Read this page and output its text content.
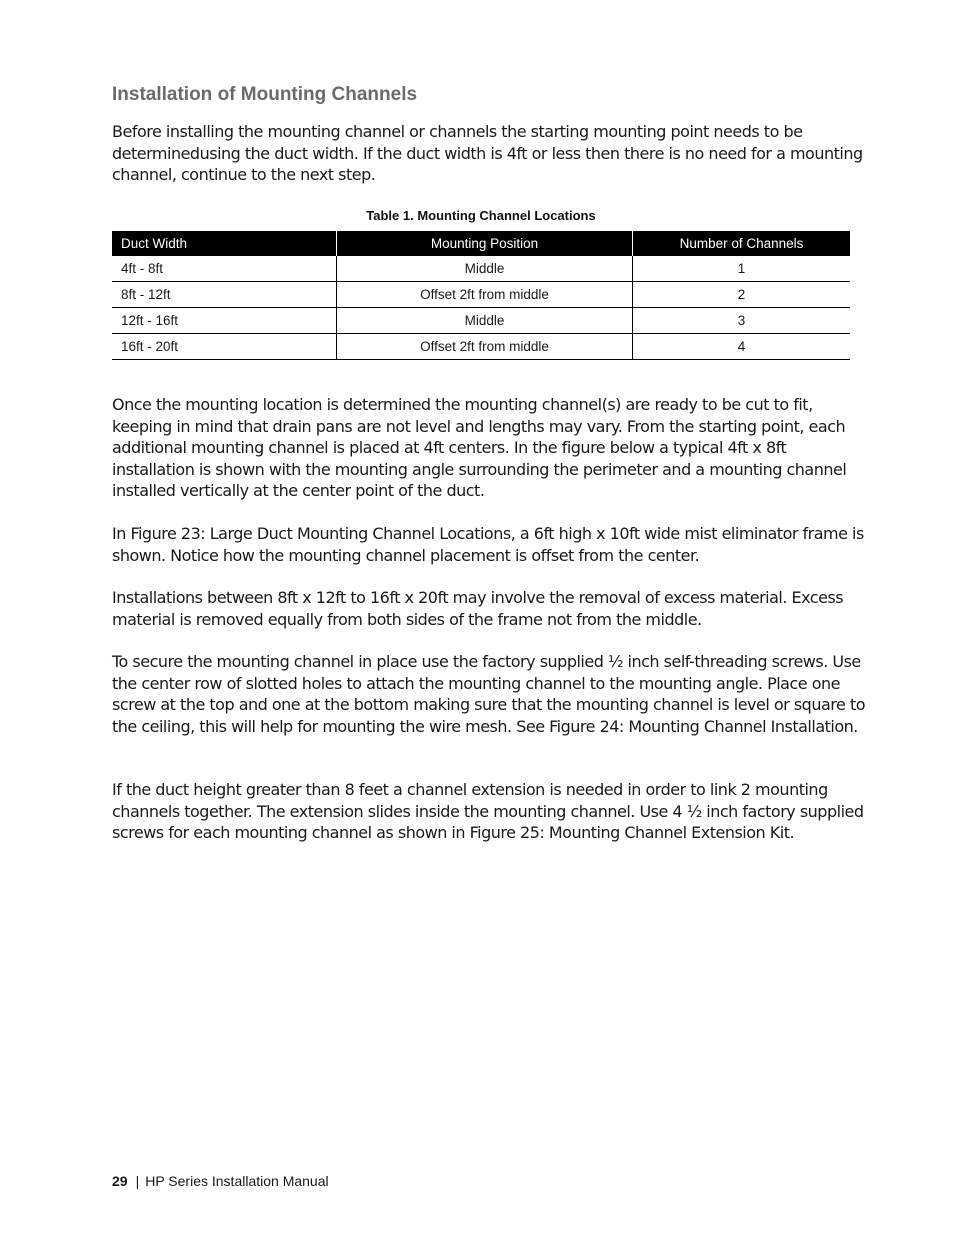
Installation of Mounting Channels

Before installing the mounting channel or channels the starting mounting point needs to be determinedusing the duct width. If the duct width is 4ft or less then there is no need for a mounting channel, continue to the next step.

Table 1. Mounting Channel Locations

Duct Width	Mounting Position	Number of Channels
4ft - 8ft	Middle	1
8ft - 12ft	Offset 2ft from middle	2
12ft - 16ft	Middle	3
16ft - 20ft	Offset 2ft from middle	4

Once the mounting location is determined the mounting channel(s) are ready to be cut to fit, keeping in mind that drain pans are not level and lengths may vary. From the starting point, each additional mounting channel is placed at 4ft centers. In the figure below a typical 4ft x 8ft installation is shown with the mounting angle surrounding the perimeter and a mounting channel installed vertically at the center point of the duct.

In Figure 23: Large Duct Mounting Channel Locations, a 6ft high x 10ft wide mist eliminator frame is shown. Notice how the mounting channel placement is offset from the center.

Installations between 8ft x 12ft to 16ft x 20ft may involve the removal of excess material. Excess material is removed equally from both sides of the frame not from the middle.

To secure the mounting channel in place use the factory supplied ½ inch self-threading screws. Use the center row of slotted holes to attach the mounting channel to the mounting angle. Place one screw at the top and one at the bottom making sure that the mounting channel is level or square to the ceiling, this will help for mounting the wire mesh. See Figure 24: Mounting Channel Installation.

If the duct height greater than 8 feet a channel extension is needed in order to link 2 mounting channels together. The extension slides inside the mounting channel. Use 4 ½ inch factory supplied screws for each mounting channel as shown in Figure 25: Mounting Channel Extension Kit.

29 | HP Series Installation Manual
